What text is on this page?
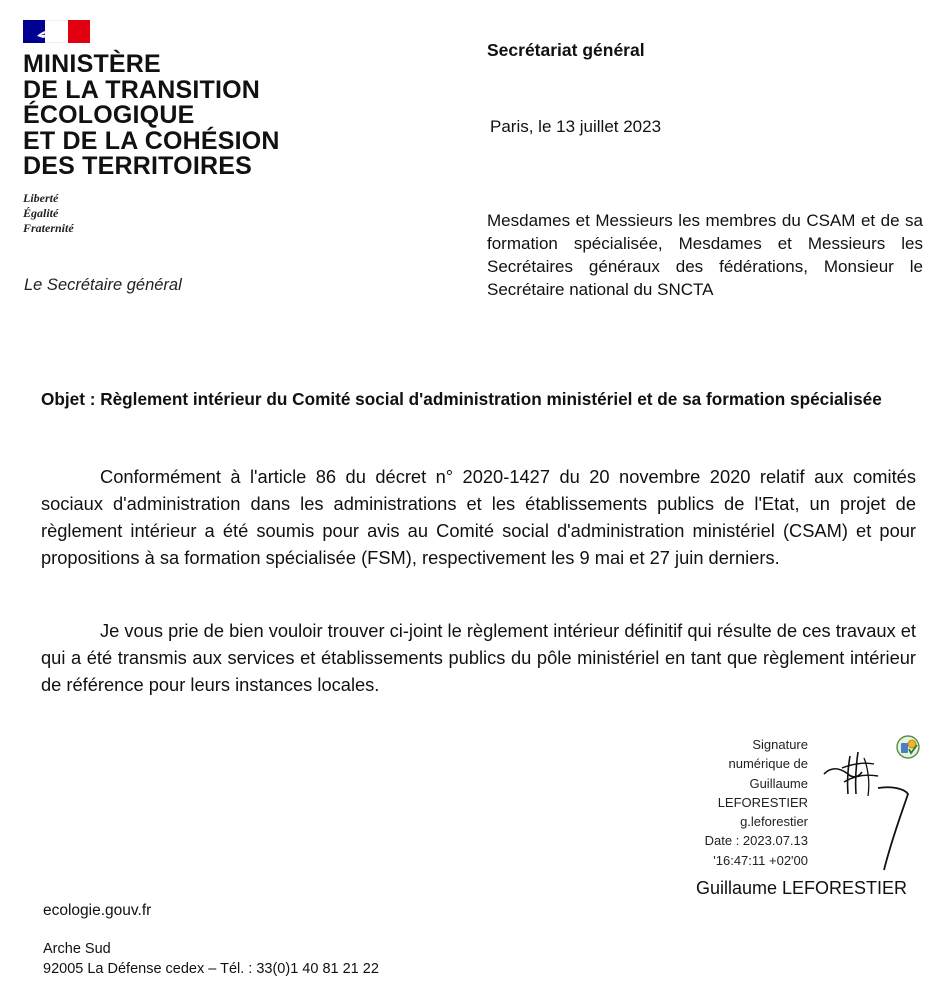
MINISTÈRE
DE LA TRANSITION
ÉCOLOGIQUE
ET DE LA COHÉSION
DES TERRITOIRES
Liberté
Égalité
Fraternité
Le Secrétaire général
Secrétariat général
Paris, le 13 juillet 2023
Mesdames et Messieurs les membres du CSAM et de sa formation spécialisée, Mesdames et Messieurs les Secrétaires généraux des fédérations, Monsieur le Secrétaire national du SNCTA
Objet : Règlement intérieur du Comité social d'administration ministériel et de sa formation spécialisée
Conformément à l'article 86 du décret n° 2020-1427 du 20 novembre 2020 relatif aux comités sociaux d'administration dans les administrations et les établissements publics de l'Etat, un projet de règlement intérieur a été soumis pour avis au Comité social d'administration ministériel (CSAM) et pour propositions à sa formation spécialisée (FSM), respectivement les 9 mai et 27 juin derniers.
Je vous prie de bien vouloir trouver ci-joint le règlement intérieur définitif qui résulte de ces travaux et qui a été transmis aux services et établissements publics du pôle ministériel en tant que règlement intérieur de référence pour leurs instances locales.
Signature
numérique de
Guillaume
LEFORESTIER
g.leforestier
Date : 2023.07.13
'16:47:11 +02'00
Guillaume LEFORESTIER
ecologie.gouv.fr
Arche Sud
92005 La Défense cedex – Tél. : 33(0)1 40 81 21 22
